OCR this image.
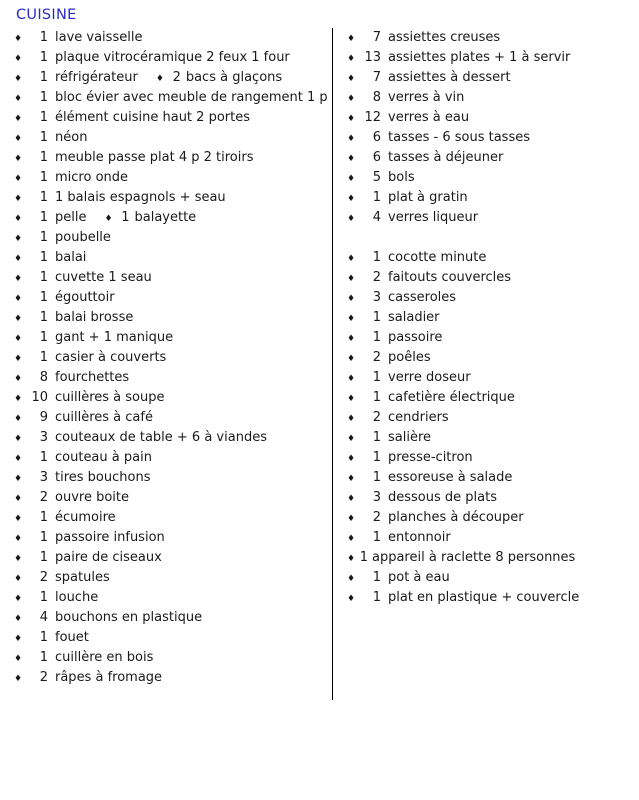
CUISINE
♦	1 lave vaisselle
♦	1 plaque vitrocéramique 2 feux 1 four
♦	1 réfrigérateur ♦ 2 bacs à glaçons
♦	1 bloc évier avec meuble de rangement 1 p
♦	1 élément cuisine haut 2 portes
♦	1 néon
♦	1 meuble passe plat 4 p 2 tiroirs
♦	1 micro onde
♦	1 1 balais espagnols + seau
♦	1 pelle ♦ 1 balayette
♦	1 poubelle
♦	1 balai
♦	1 cuvette 1 seau
♦	1 égouttoir
♦	1 balai brosse
♦	1 gant + 1 manique
♦	1 casier à couverts
♦	8 fourchettes
♦ 10 cuillères à soupe
♦	9 cuillères à café
♦	3 couteaux de table + 6 à viandes
♦	1 couteau à pain
♦	3 tires bouchons
♦	2 ouvre boite
♦	1 écumoire
♦	1 passoire infusion
♦	1 paire de ciseaux
♦	2 spatules
♦	1 louche
♦	4 bouchons en plastique
♦	1 fouet
♦	1 cuillère en bois
♦	2 râpes à fromage
♦	7 assiettes creuses
♦ 13 assiettes plates + 1 à servir
♦	7 assiettes à dessert
♦	8 verres à vin
♦ 12 verres à eau
♦	6 tasses - 6 sous tasses
♦	6 tasses à déjeuner
♦	5 bols
♦	1 plat à gratin
♦	4 verres liqueur
♦	1 cocotte minute
♦	2 faitouts couvercles
♦	3 casseroles
♦	1 saladier
♦	1 passoire
♦	2 poêles
♦	1 verre doseur
♦	1 cafetière électrique
♦	2 cendriers
♦	1 salière
♦	1 presse-citron
♦	1 essoreuse à salade
♦	3 dessous de plats
♦	2 planches à découper
♦	1 entonnoir
♦ 1 appareil à raclette 8 personnes
♦	1 pot à eau
♦	1 plat en plastique + couvercle
